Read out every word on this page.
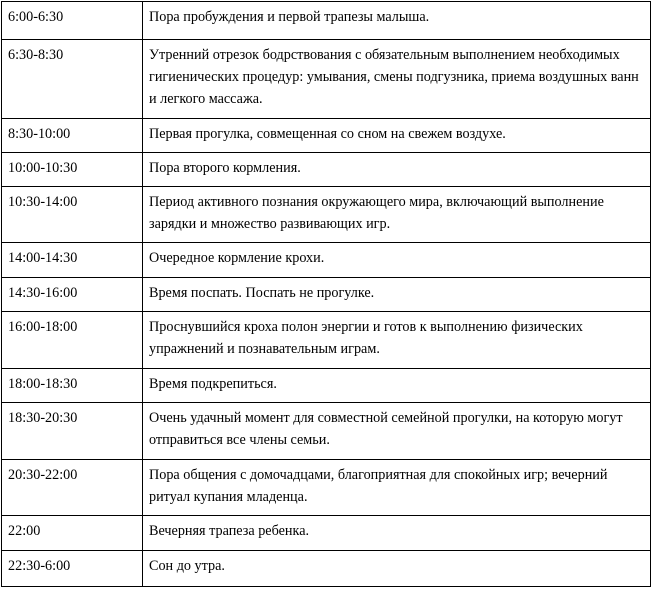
6:00-6:30	Пора пробуждения и первой трапезы малыша.
6:30-8:30	Утренний отрезок бодрствования с обязательным выполнением необходимых гигиенических процедур: умывания, смены подгузника, приема воздушных ванн и легкого массажа.
8:30-10:00	Первая прогулка, совмещенная со сном на свежем воздухе.
10:00-10:30	Пора второго кормления.
10:30-14:00	Период активного познания окружающего мира, включающий выполнение зарядки и множество развивающих игр.
14:00-14:30	Очередное кормление крохи.
14:30-16:00	Время поспать. Поспать не прогулке.
16:00-18:00	Проснувшийся кроха полон энергии и готов к выполнению физических упражнений и познавательным играм.
18:00-18:30	Время подкрепиться.
18:30-20:30	Очень удачный момент для совместной семейной прогулки, на которую могут отправиться все члены семьи.
20:30-22:00	Пора общения с домочадцами, благоприятная для спокойных игр; вечерний ритуал купания младенца.
22:00	Вечерняя трапеза ребенка.
22:30-6:00	Сон до утра.
